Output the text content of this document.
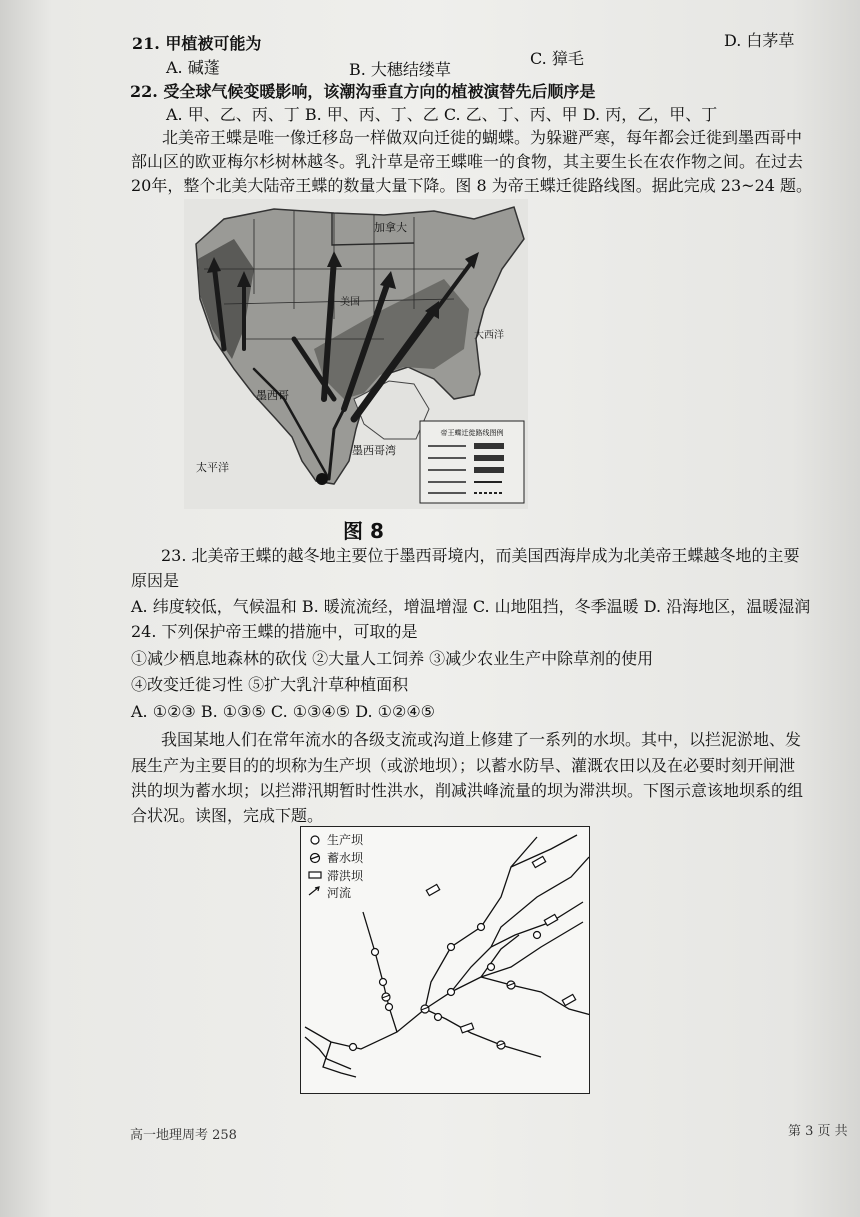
21. 甲植被可能为	D. 白茅草
A. 碱蓬	B. 大穗结缕草
C. 獐毛
22. 受全球气候变暖影响，该潮沟垂直方向的植被演替先后顺序是
A. 甲、乙、丙、丁 B. 甲、丙、丁、乙 C. 乙、丁、丙、甲 D. 丙，乙，甲、丁
北美帝王蝶是唯一像迁移岛一样做双向迁徙的蝴蝶。为躲避严寒，每年都会迁徙到墨西哥中
部山区的欧亚梅尔杉树林越冬。乳汁草是帝王蝶唯一的食物，其主要生长在农作物之间。在过去
20年，整个北美大陆帝王蝶的数量大量下降。图 8 为帝王蝶迁徙路线图。据此完成 23~24 题。
帝王蝶迁徙路线图例
加拿大
美国
大西洋
墨西哥
墨西哥湾
太平洋
图 8
23. 北美帝王蝶的越冬地主要位于墨西哥境内，而美国西海岸成为北美帝王蝶越冬地的主要
原因是
A. 纬度较低，气候温和 B. 暖流流经，增温增湿 C. 山地阻挡，冬季温暖 D. 沿海地区，温暖湿润
24. 下列保护帝王蝶的措施中，可取的是
①减少栖息地森林的砍伐 ②大量人工饲养 ③减少农业生产中除草剂的使用
④改变迁徙习性 ⑤扩大乳汁草种植面积
A. ①②③ B. ①③⑤ C. ①③④⑤ D. ①②④⑤
我国某地人们在常年流水的各级支流或沟道上修建了一系列的水坝。其中，以拦泥淤地、发
展生产为主要目的的坝称为生产坝（或淤地坝）；以蓄水防旱、灌溉农田以及在必要时刻开闸泄
洪的坝为蓄水坝；以拦滞汛期暂时性洪水，削减洪峰流量的坝为滞洪坝。下图示意该地坝系的组
合状况。读图，完成下题。
生产坝
蓄水坝
滞洪坝
河流
高一地理周考 258	第 3 页 共
